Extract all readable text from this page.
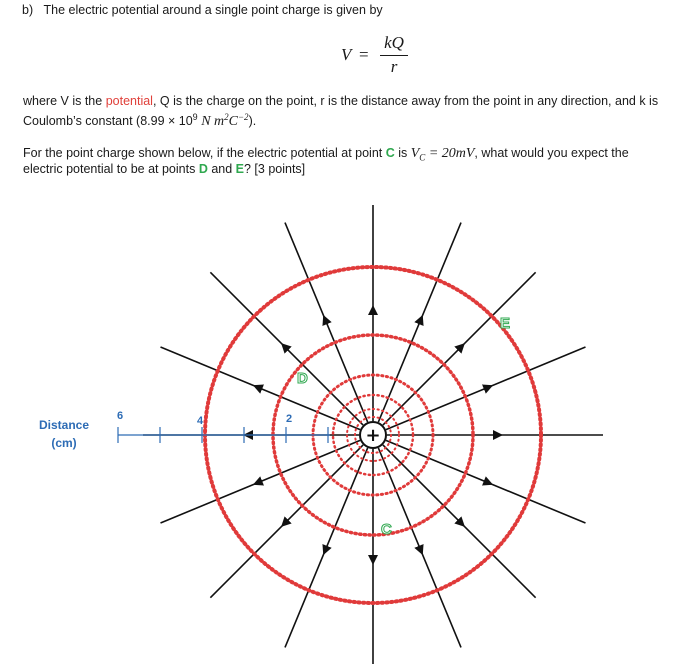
b) The electric potential around a single point charge is given by
V =
kQ
r
where V is the potential, Q is the charge on the point, r is the distance away from the point in any direction, and k is
Coulomb’s constant ($8.99 \times 10^9$ N $m^2C^{-2}$).
For the point charge shown below, if the electric potential at point C is $V_C = 20mV$, what would you expect the
electric potential to be at points D and E? [3 points]
6	4	2
+
D
E
C
Distance
(cm)
